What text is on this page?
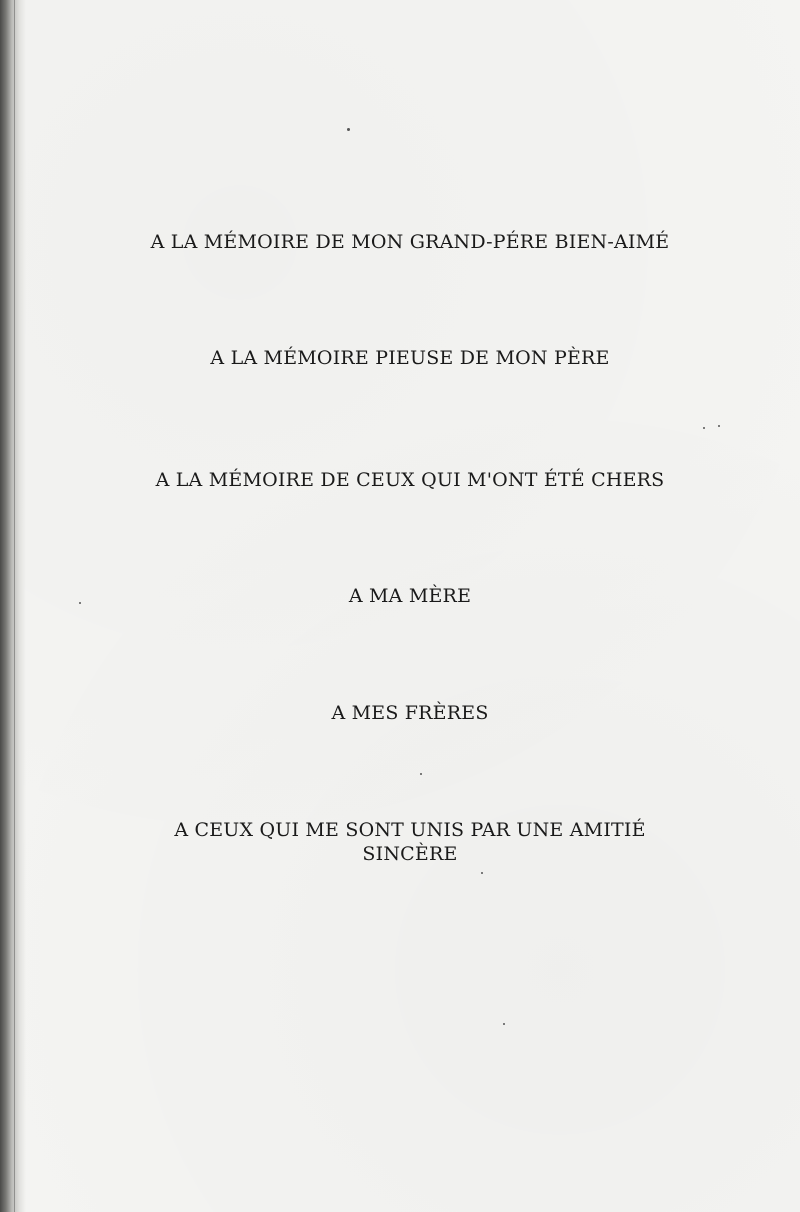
A LA MÉMOIRE DE MON GRAND-PÉRE BIEN-AIMÉ
A LA MÉMOIRE PIEUSE DE MON PÈRE
A LA MÉMOIRE DE CEUX QUI M'ONT ÉTÉ CHERS
A MA MÈRE
A MES FRÈRES
A CEUX QUI ME SONT UNIS PAR UNE AMITIÉ
SINCÈRE
